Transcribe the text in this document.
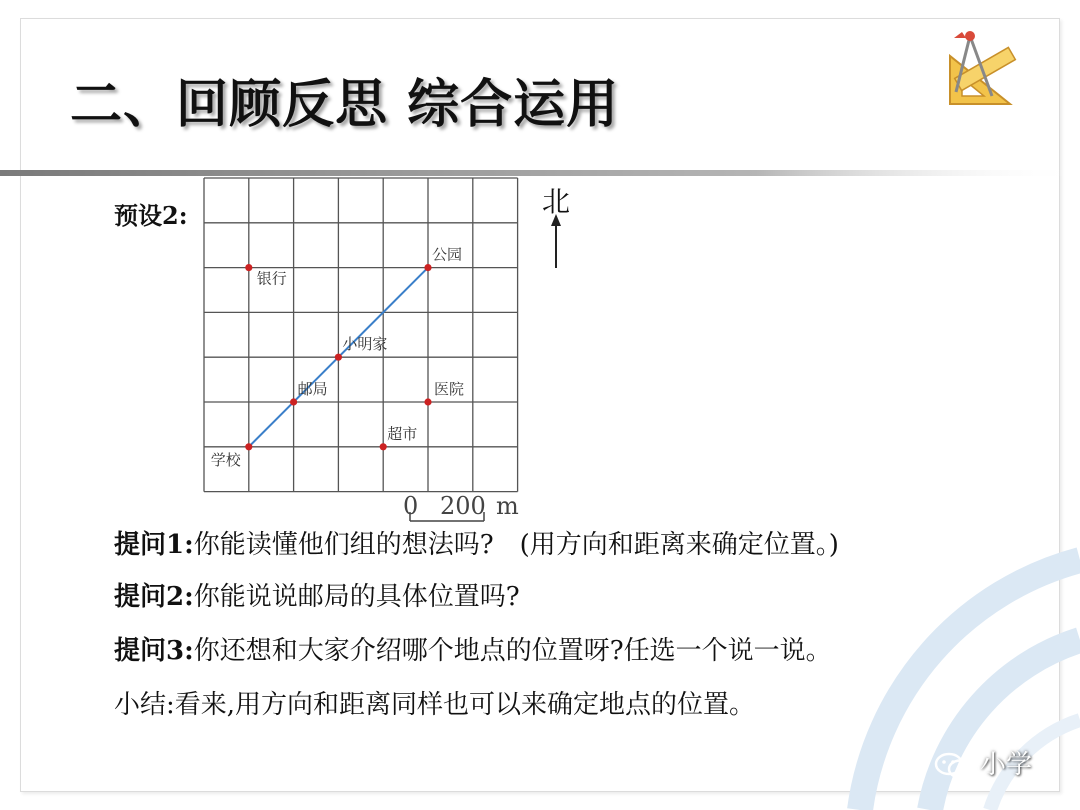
二、回顾反思 综合运用
预设2:
学校
邮局
小明家
公园
银行
医院
超市
0 200 m
北
提问1:你能读懂他们组的想法吗? (用方向和距离来确定位置。)
提问2:你能说说邮局的具体位置吗?
提问3:你还想和大家介绍哪个地点的位置呀?任选一个说一说。
小结:看来,用方向和距离同样也可以来确定地点的位置。
小学
